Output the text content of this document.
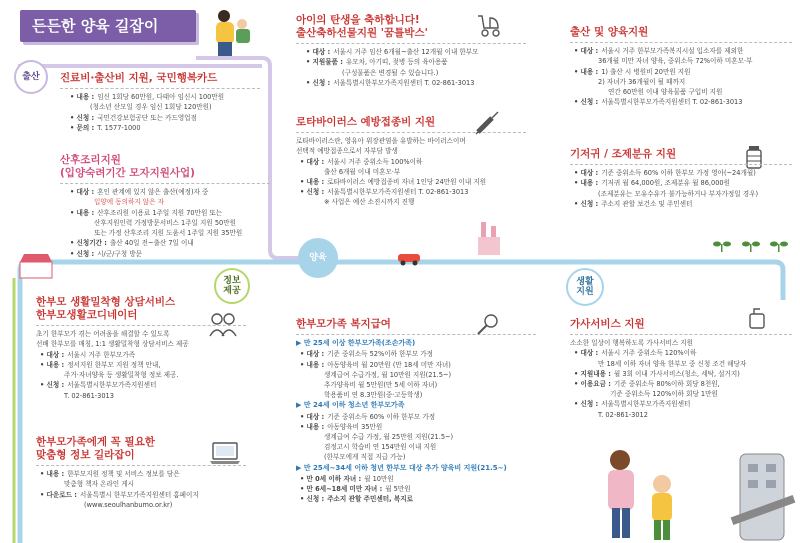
든든한 양육 길잡이
출산
정보
제공
양육
생활
지원
진료비·출산비 지원, 국민행복카드
• 내용 : 임신 1회당 60만원, 다태아 임신시 100만원
(청소년 산모일 경우 임신 1회당 120만원)
• 신청 : 국민건강보험공단 또는 카드영업점
• 문의 : T. 1577-1000
산후조리지원
(입양숙려기간 모자지원사업)
• 대상 : 혼인 관계에 있지 않은 출산(예정)자 중
입양에 동의하지 않은 자
• 내용 : 산후조리원 이용료 1주일 지원 70만원 또는
산후지원인력 가정방문서비스 1주일 지원 50만원
또는 가정 산후조리 지원 도움서 1주일 지원 35만원
• 신청기간 : 출산 40일 전~출산 7일 이내
• 신청 : 시/군/구청 방문
한부모 생활밀착형 상담서비스
한부모생활코디네이터
초기 한부모가 겪는 어려움을 해결할 수 있도록
선배 한부모를 매칭, 1:1 생활밀착형 상담서비스 제공
• 대상 : 서울시 거주 한부모가족
• 내용 : 정서지원 한부모 지원 정책 안내,
주거·자녀양육 등 생활밀착형 정보 제공.
• 신청 : 서울특별시한부모가족지원센터
T. 02-861-3013
한부모가족에게 꼭 필요한
맞춤형 정보 길라잡이
• 내용 : 한부모지원 정책 및 서비스 정보를 담은
맞춤형 책자 온라인 게시
• 다운로드 : 서울특별시 한부모가족지원센터 홈페이지
(www.seoulhanbumo.or.kr)
아이의 탄생을 축하합니다!
출산축하선물지원 '꿈틀박스'
• 대상 : 서울시 거주 임산 6개월~출산 12개월 이내 한부모
• 지원물품 : 유모차, 아기띠, 젖병 등의 육아용품
(구성물품은 변경될 수 있습니다.)
• 신청 : 서울특별시한부모가족지원센터 T. 02-861-3013
로타바이러스 예방접종비 지원
로타바이러스란, 영유아 위장관염을 유발하는 바이러스이며
선택적 예방접종으로서 자부담 발생
• 대상 : 서울시 거주 중위소득 100%이하
출산 6개월 이내 미혼모·부
• 내용 : 로타바이러스 예방접종비 자녀 1인당 24만원 이내 지원
• 신청 : 서울특별시한부모가족지원센터 T. 02-861-3013
※ 사업은 예산 소진시까지 진행
한부모가족 복지급여
▶ 만 25세 이상 한부모가족(조손가족)
• 대상 : 기준 중위소득 52%이하 한부모 가정
• 내용 : 아동양육비 월 20만원 (만 18세 미만 자녀)
생계급여 수급가정, 월 10만원 지원(21.5~)
추가양육비 월 5만원(만 5세 이하 자녀)
학용품비 연 8.3만원(중·고등학생)
▶ 만 24세 이하 청소년 한부모가족
• 대상 : 기준 중위소득 60% 이하 한부모 가정
• 내용 : 아동양육비 35만원
생계급여 수급 가정, 월 25만원 지원(21.5~)
검정고시 학습비 연 154만원 이내 지원
(한부모에게 직접 지급 가능)
▶ 만 25세~34세 이하 청년 한부모 대상 추가 양육비 지원(21.5~)
• 만 0세 이하 자녀 : 월 10만원
• 만 6세~18세 미만 자녀 : 월 5만원
• 신청 : 주소지 관할 주민센터, 복지로
출산 및 양육지원
• 대상 : 서울시 거주 한부모가족복지시설 입소자를 제외한
36개월 미만 자녀 양육, 중위소득 72%이하 미혼모·부
• 내용 : 1) 출산 시 병원비 20만원 지원
2) 자녀가 36개월이 될 때까지
연간 60만원 이내 양육물품 구입비 지원
• 신청 : 서울특별시한부모가족지원센터 T. 02-861-3013
기저귀 / 조제분유 지원
• 대상 : 기준 중위소득 60% 이하 한부모 가정 영아(~24개월)
• 내용 : 기저귀 월 64,000원, 조제분유 월 86,000원
(조제분유는 모유수유가 불가능하거나 부자가정일 경우)
• 신청 : 주소지 관할 보건소 및 주민센터
가사서비스 지원
소소한 일상이 행복하도록 가사서비스 지원
• 대상 : 서울시 거주 중위소득 120%이하
만 18세 이하 자녀 양육 한부모 중 신청 조건 해당자
• 지원내용 : 월 3회 이내 가사서비스(청소, 세탁, 설거지)
• 이용요금 : 기준 중위소득 80%이하 회당 8천원,
기준 중위소득 120%이하 회당 1만원
• 신청 : 서울특별시한부모가족지원센터
T. 02-861-3012
